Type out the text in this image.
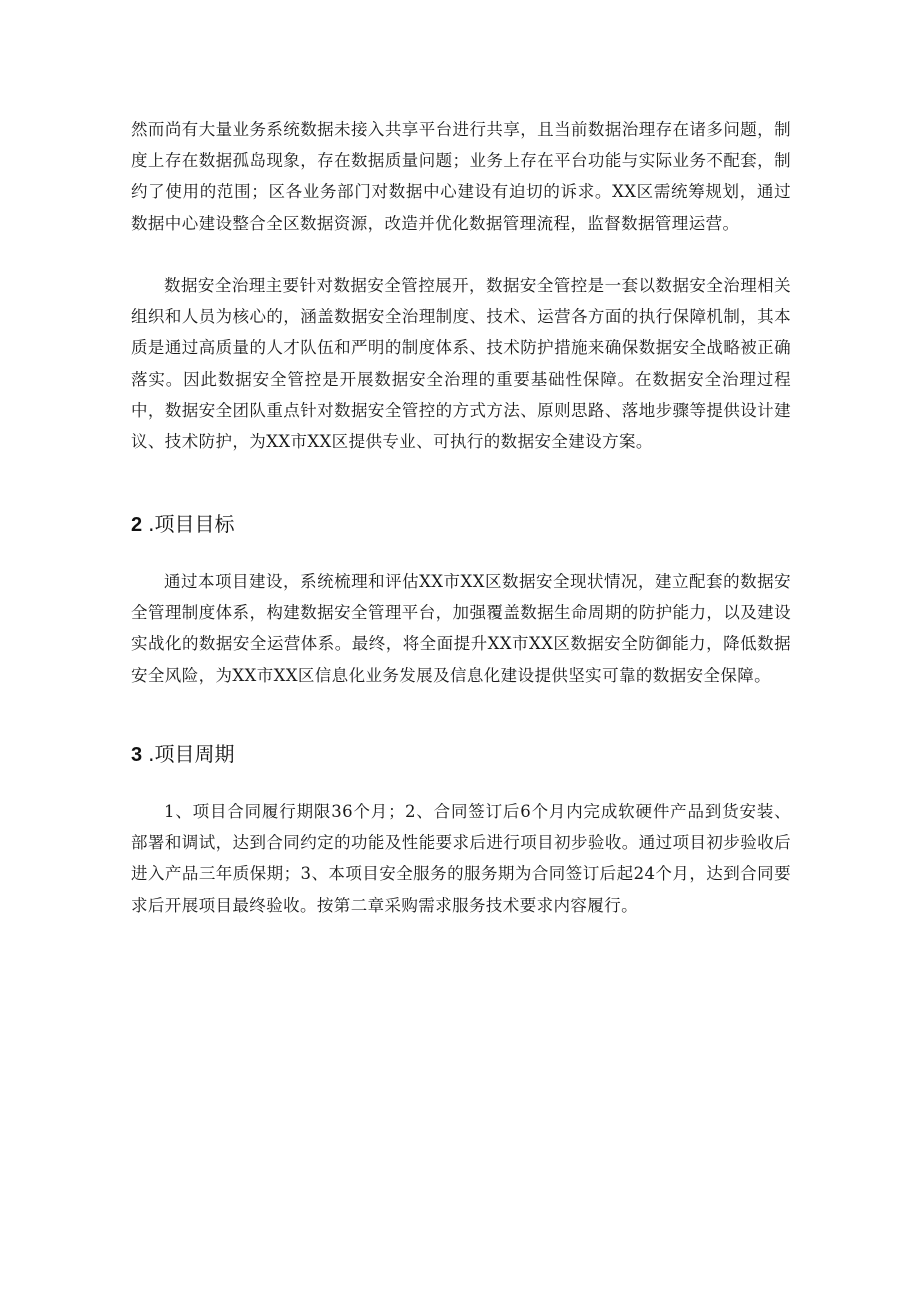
然而尚有大量业务系统数据未接入共享平台进行共享，且当前数据治理存在诸多问题，制度上存在数据孤岛现象，存在数据质量问题；业务上存在平台功能与实际业务不配套，制约了使用的范围；区各业务部门对数据中心建设有迫切的诉求。XX区需统筹规划，通过数据中心建设整合全区数据资源，改造并优化数据管理流程，监督数据管理运营。

数据安全治理主要针对数据安全管控展开，数据安全管控是一套以数据安全治理相关组织和人员为核心的，涵盖数据安全治理制度、技术、运营各方面的执行保障机制，其本质是通过高质量的人才队伍和严明的制度体系、技术防护措施来确保数据安全战略被正确落实。因此数据安全管控是开展数据安全治理的重要基础性保障。在数据安全治理过程中，数据安全团队重点针对数据安全管控的方式方法、原则思路、落地步骤等提供设计建议、技术防护，为XX市XX区提供专业、可执行的数据安全建设方案。

2 .项目目标

通过本项目建设，系统梳理和评估XX市XX区数据安全现状情况，建立配套的数据安全管理制度体系，构建数据安全管理平台，加强覆盖数据生命周期的防护能力，以及建设实战化的数据安全运营体系。最终，将全面提升XX市XX区数据安全防御能力，降低数据安全风险，为XX市XX区信息化业务发展及信息化建设提供坚实可靠的数据安全保障。

3 .项目周期

1、项目合同履行期限36个月；2、合同签订后6个月内完成软硬件产品到货安装、部署和调试，达到合同约定的功能及性能要求后进行项目初步验收。通过项目初步验收后进入产品三年质保期；3、本项目安全服务的服务期为合同签订后起24个月，达到合同要求后开展项目最终验收。按第二章采购需求服务技术要求内容履行。
